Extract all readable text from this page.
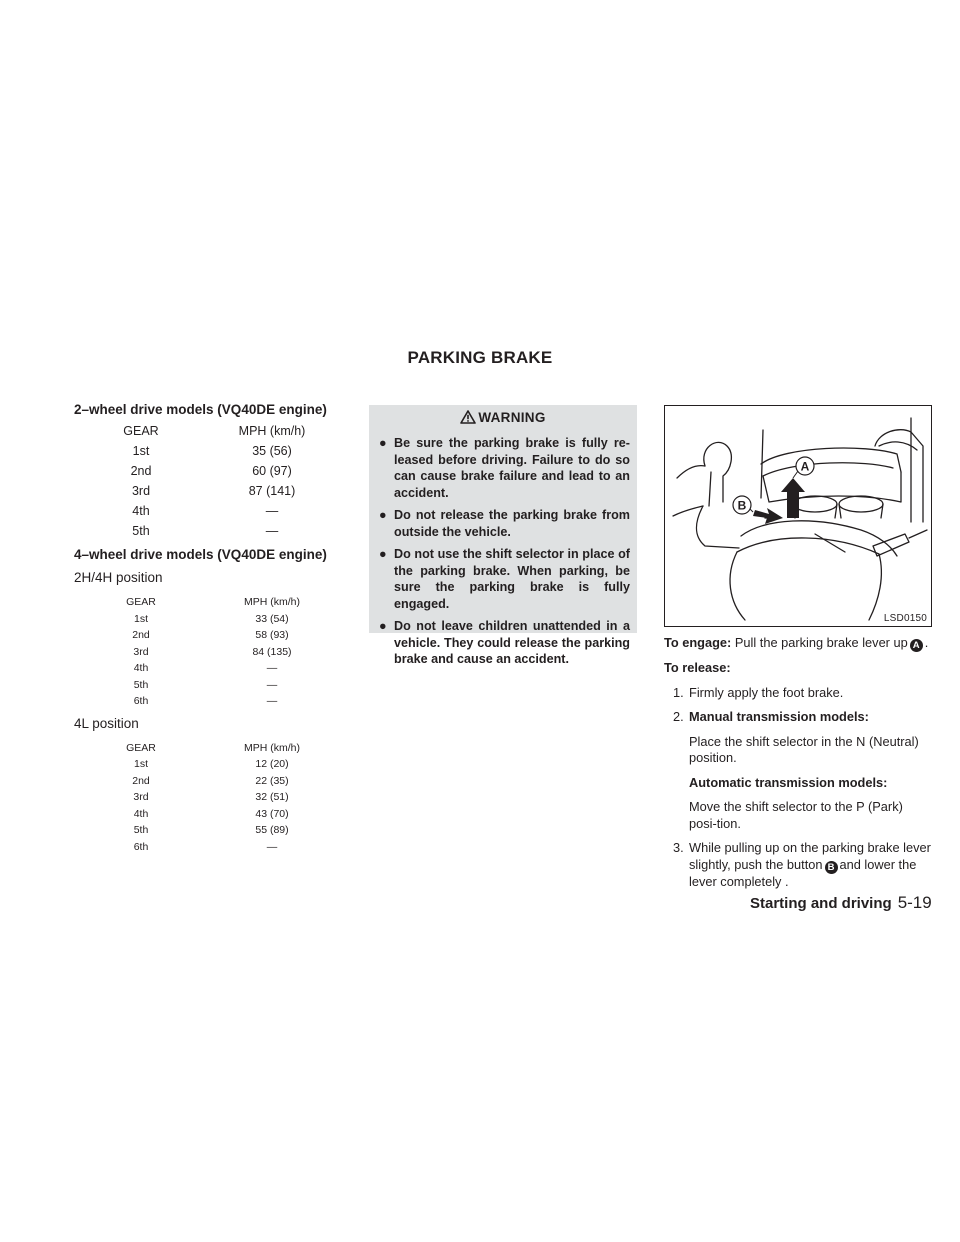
PARKING BRAKE
2–wheel drive models (VQ40DE engine)
GEAR	MPH (km/h)
1st	35 (56)
2nd	60 (97)
3rd	87 (141)
4th	—
5th	—
4–wheel drive models (VQ40DE engine)
2H/4H position
GEAR	MPH (km/h)
1st	33 (54)
2nd	58 (93)
3rd	84 (135)
4th	—
5th	—
6th	—
4L position
GEAR	MPH (km/h)
1st	12 (20)
2nd	22 (35)
3rd	32 (51)
4th	43 (70)
5th	55 (89)
6th	—
WARNING
● Be sure the parking brake is fully re-leased before driving. Failure to do so can cause brake failure and lead to an accident.
● Do not release the parking brake from outside the vehicle.
● Do not use the shift selector in place of the parking brake. When parking, be sure the parking brake is fully engaged.
● Do not leave children unattended in a vehicle. They could release the parking brake and cause an accident.
A
B
LSD0150

To engage: Pull the parking brake lever up A .

To release:

1. Firmly apply the foot brake.
2. Manual transmission models:
Place the shift selector in the N (Neutral) position.
Automatic transmission models:
Move the shift selector to the P (Park) posi-tion.
3. While pulling up on the parking brake lever slightly, push the button B and lower the lever completely .
Starting and driving 5-19
